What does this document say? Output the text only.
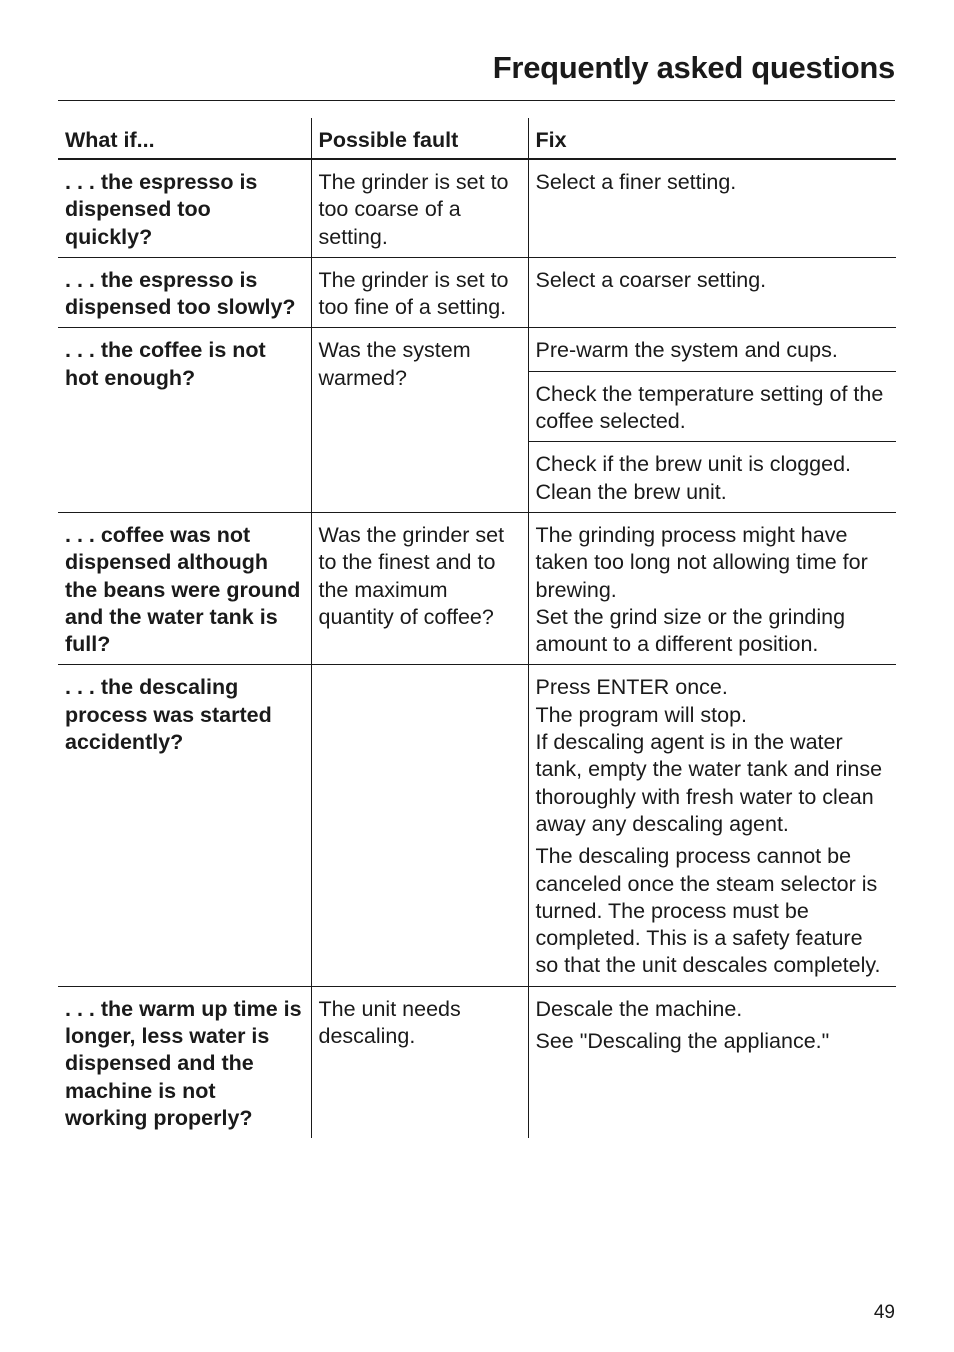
Frequently asked questions
What if...	Possible fault	Fix
. . . the espresso is dispensed too quickly?	The grinder is set to too coarse of a setting.	Select a finer setting.

. . . the espresso is dispensed too slowly?	The grinder is set to too fine of a setting.	Select a coarser setting.

. . . the coffee is not hot enough?	Was the system warmed?	Pre-warm the system and cups.

		Check the temperature setting of the coffee selected.

		Check if the brew unit is clogged. Clean the brew unit.

. . . coffee was not dispensed although the beans were ground and the water tank is full?	Was the grinder set to the finest and to the maximum quantity of coffee?	The grinding process might have taken too long not allowing time for brewing.
Set the grind size or the grinding amount to a different position.

. . . the descaling process was started accidently?		Press ENTER once.
The program will stop.
If descaling agent is in the water tank, empty the water tank and rinse thoroughly with fresh water to clean away any descaling agent.
The descaling process cannot be canceled once the steam selector is turned. The process must be completed. This is a safety feature so that the unit descales completely.

. . . the warm up time is longer, less water is dispensed and the machine is not working properly?	The unit needs descaling.	Descale the machine.
See "Descaling the appliance."
49
